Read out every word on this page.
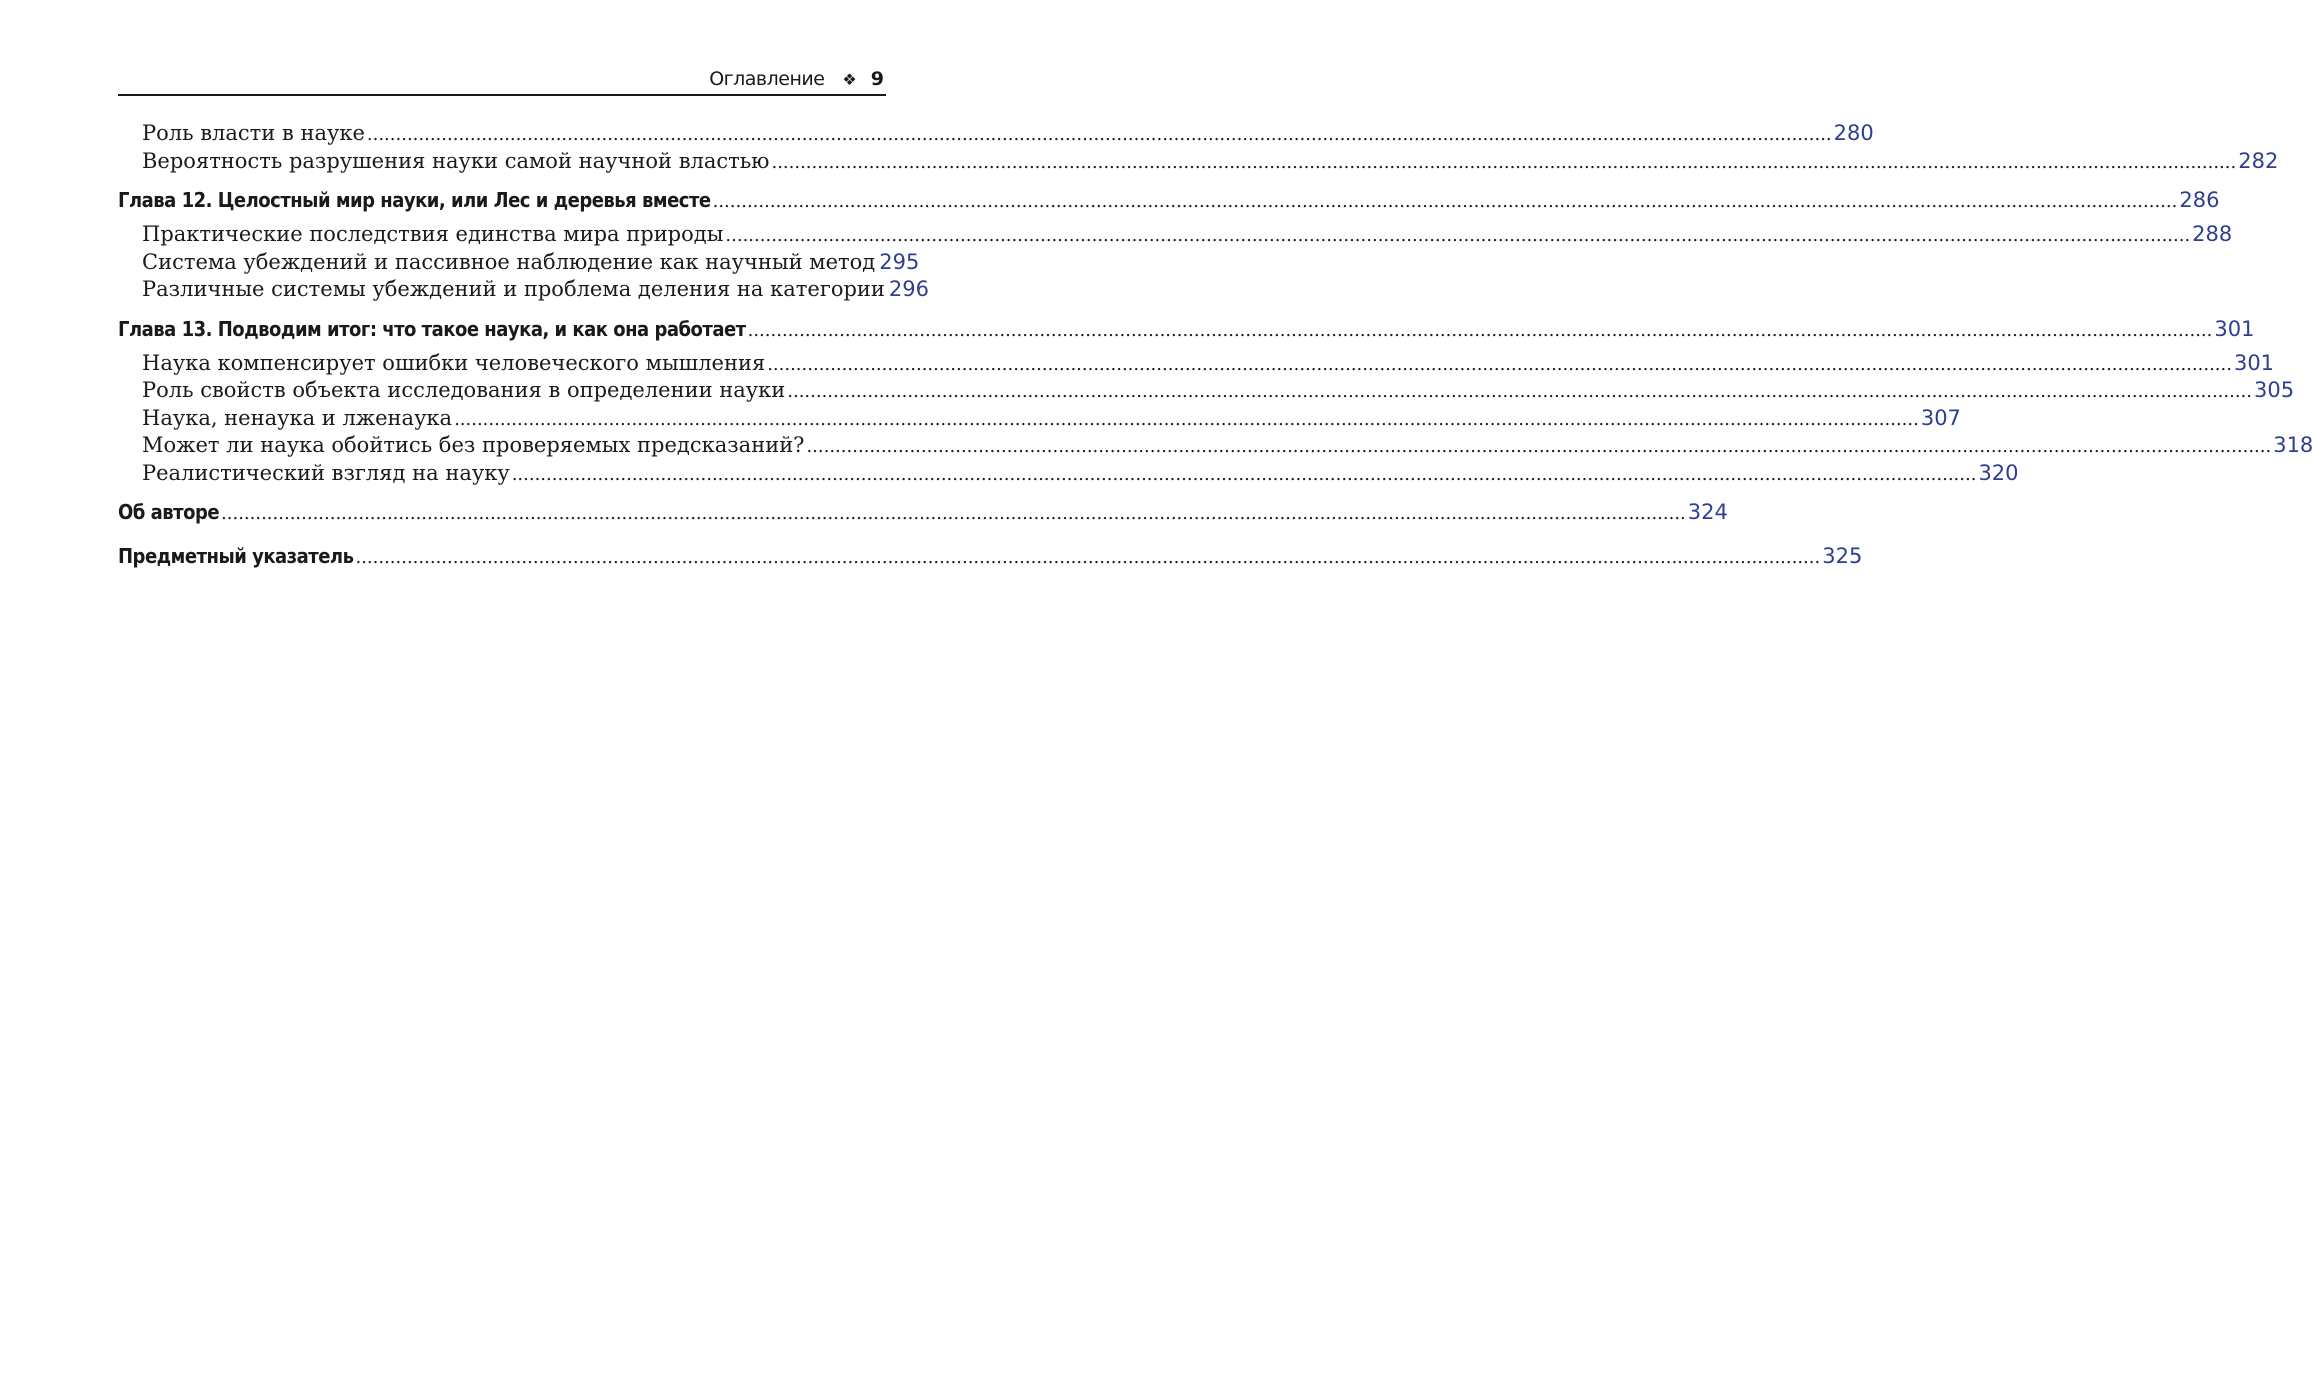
Оглавление ❖ 9
Роль власти в науке .....	280
Вероятность разрушения науки самой научной властью .....	282
Глава 12. Целостный мир науки, или Лес и деревья вместе .....	286
Практические последствия единства мира природы .....	288
Система убеждений и пассивное наблюдение как научный метод 295
Различные системы убеждений и проблема деления на категории 296
Глава 13. Подводим итог: что такое наука, и как она работает .....	301
Наука компенсирует ошибки человеческого мышления .....	301
Роль свойств объекта исследования в определении науки .....	305
Наука, ненаука и лженаука .....	307
Может ли наука обойтись без проверяемых предсказаний? .....	318
Реалистический взгляд на науку .....	320
Об авторе .....	324
Предметный указатель .....	325
